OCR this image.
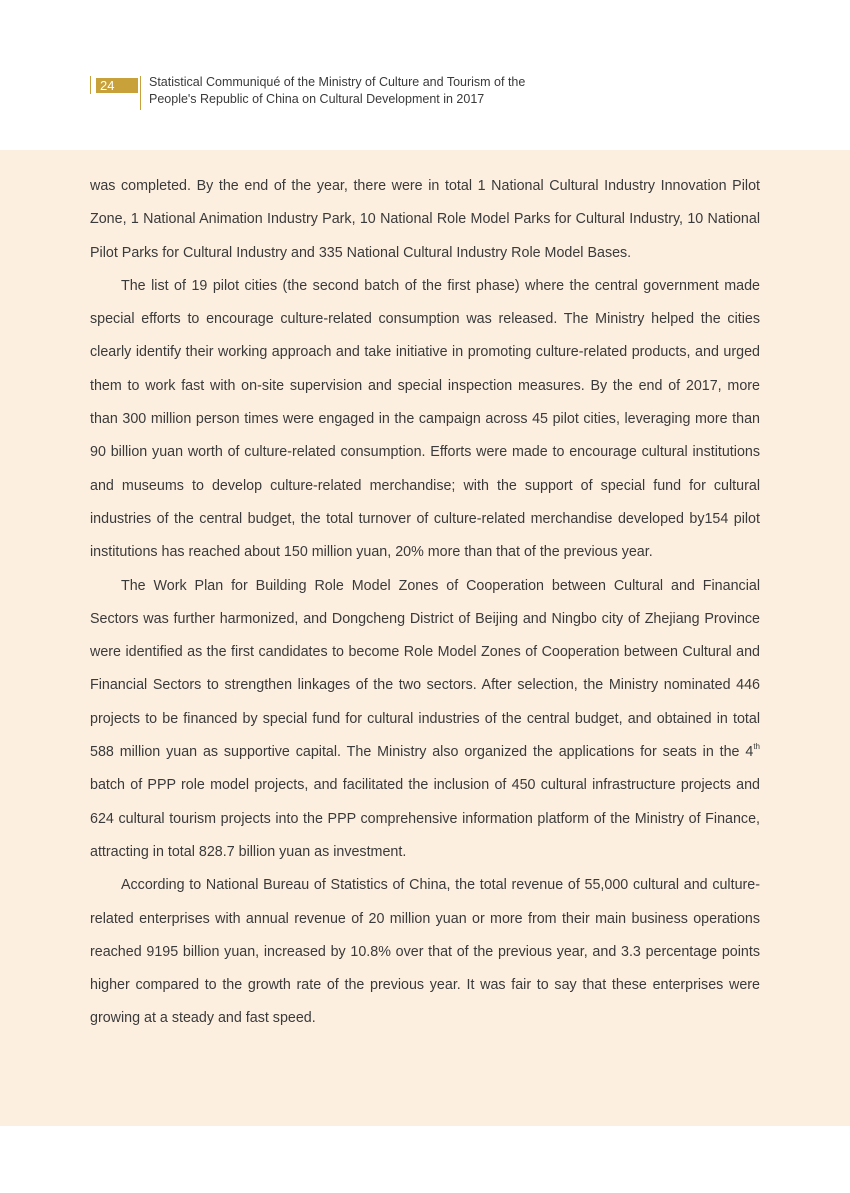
24	Statistical Communiqué of the Ministry of Culture and Tourism of the
People's Republic of China on Cultural Development in 2017

was completed. By the end of the year, there were in total 1 National Cultural Industry Innovation Pilot Zone, 1 National Animation Industry Park, 10 National Role Model Parks for Cultural Industry, 10 National Pilot Parks for Cultural Industry and 335 National Cultural Industry Role Model Bases.

The list of 19 pilot cities (the second batch of the first phase) where the central government made special efforts to encourage culture-related consumption was released. The Ministry helped the cities clearly identify their working approach and take initiative in promoting culture-related products, and urged them to work fast with on-site supervision and special inspection measures. By the end of 2017, more than 300 million person times were engaged in the campaign across 45 pilot cities, leveraging more than 90 billion yuan worth of culture-related consumption. Efforts were made to encourage cultural institutions and museums to develop culture-related merchandise; with the support of special fund for cultural industries of the central budget, the total turnover of culture-related merchandise developed by154 pilot institutions has reached about 150 million yuan, 20% more than that of the previous year.

The Work Plan for Building Role Model Zones of Cooperation between Cultural and Financial Sectors was further harmonized, and Dongcheng District of Beijing and Ningbo city of Zhejiang Province were identified as the first candidates to become Role Model Zones of Cooperation between Cultural and Financial Sectors to strengthen linkages of the two sectors. After selection, the Ministry nominated 446 projects to be financed by special fund for cultural industries of the central budget, and obtained in total 588 million yuan as supportive capital. The Ministry also organized the applications for seats in the 4th batch of PPP role model projects, and facilitated the inclusion of 450 cultural infrastructure projects and 624 cultural tourism projects into the PPP comprehensive information platform of the Ministry of Finance, attracting in total 828.7 billion yuan as investment.

According to National Bureau of Statistics of China, the total revenue of 55,000 cultural and culture-related enterprises with annual revenue of 20 million yuan or more from their main business operations reached 9195 billion yuan, increased by 10.8% over that of the previous year, and 3.3 percentage points higher compared to the growth rate of the previous year. It was fair to say that these enterprises were growing at a steady and fast speed.
